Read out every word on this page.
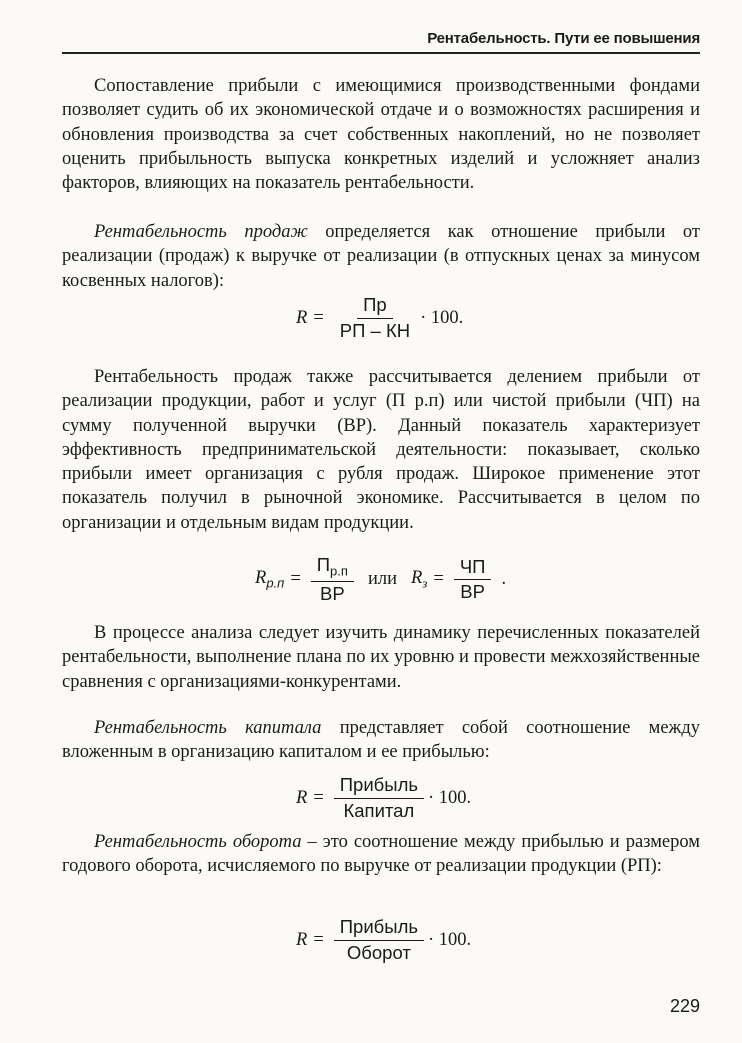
Рентабельность. Пути ее повышения

Сопоставление прибыли с имеющимися производственными фондами позволяет судить об их экономической отдаче и о возможностях расширения и обновления производства за счет собственных накоплений, но не позволяет оценить прибыльность выпуска конкретных изделий и усложняет анализ факторов, влияющих на показатель рентабельности.

Рентабельность продаж определяется как отношение прибыли от реализации (продаж) к выручке от реализации (в отпускных ценах за минусом косвенных налогов):

$R = \frac{Пр}{РП - КН} \cdot 100$.

Рентабельность продаж также рассчитывается делением прибыли от реализации продукции, работ и услуг (П р.п) или чистой прибыли (ЧП) на сумму полученной выручки (ВР). Данный показатель характеризует эффективность предпринимательской деятельности: показывает, сколько прибыли имеет организация с рубля продаж. Широкое применение этот показатель получил в рыночной экономике. Рассчитывается в целом по организации и отдельным видам продукции.

$R_{р.п} = \frac{П_{р.п}}{ВР}$ или $R_з = \frac{ЧП}{ВР}$ .

В процессе анализа следует изучить динамику перечисленных показателей рентабельности, выполнение плана по их уровню и провести межхозяйственные сравнения с организациями-конкурентами.

Рентабельность капитала представляет собой соотношение между вложенным в организацию капиталом и ее прибылью:

$R = \frac{\text{Прибыль}}{\text{Капитал}} \cdot 100$.

Рентабельность оборота – это соотношение между прибылью и размером годового оборота, исчисляемого по выручке от реализации продукции (РП):

$R = \frac{\text{Прибыль}}{\text{Оборот}} \cdot 100$.
229
